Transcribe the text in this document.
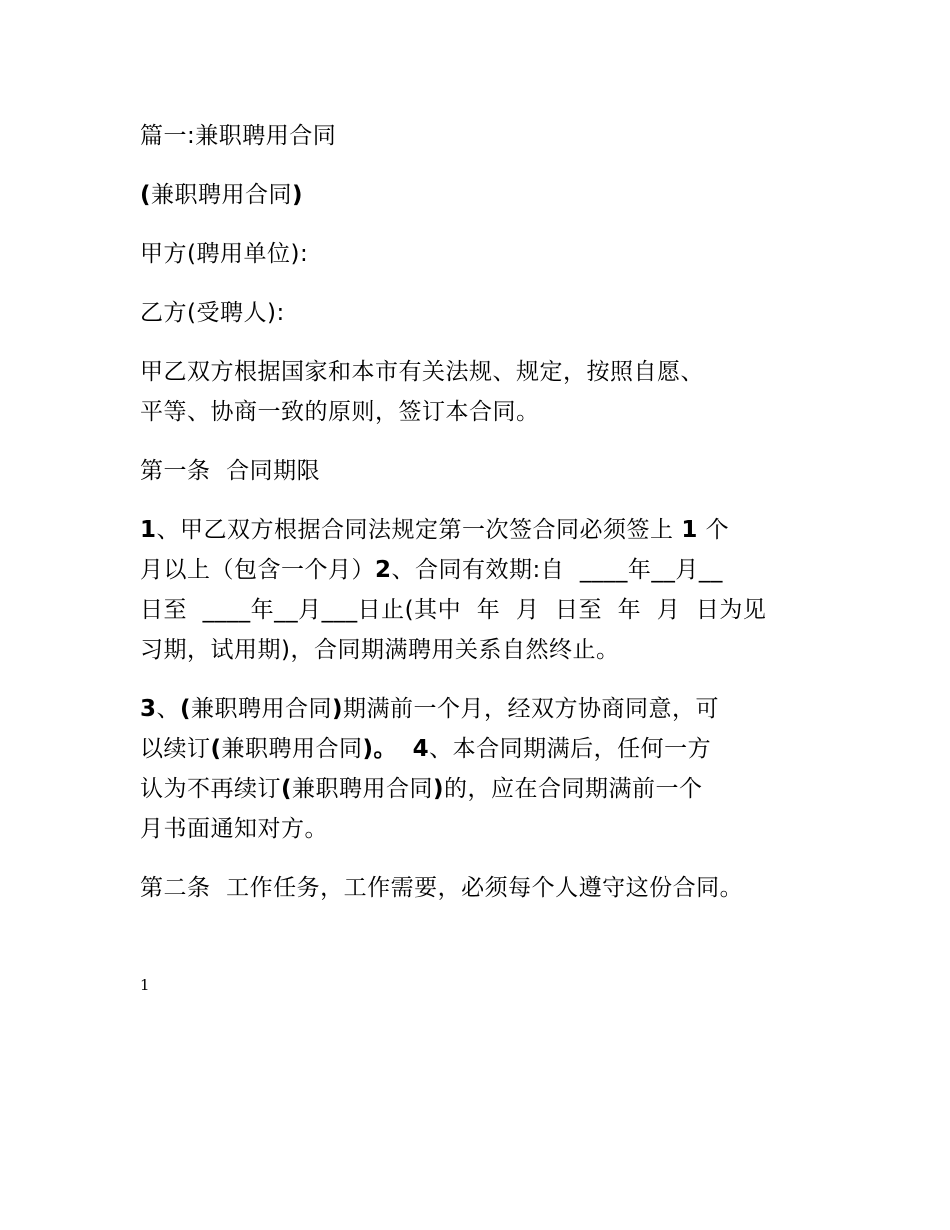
篇一:兼职聘用合同

(兼职聘用合同)

甲方(聘用单位):

乙方(受聘人):

甲乙双方根据国家和本市有关法规、规定，按照自愿、
平等、协商一致的原则，签订本合同。

第一条  合同期限

1、甲乙双方根据合同法规定第一次签合同必须签上 1 个
月以上（包含一个月）2、合同有效期:自  ____年__月__
日至  ____年__月___日止(其中  年  月  日至  年  月  日为见
习期，试用期)，合同期满聘用关系自然终止。

3、(兼职聘用合同)期满前一个月，经双方协商同意，可
以续订(兼职聘用合同)。 4、本合同期满后，任何一方
认为不再续订(兼职聘用合同)的，应在合同期满前一个
月书面通知对方。

第二条  工作任务，工作需要，必须每个人遵守这份合同。

1
